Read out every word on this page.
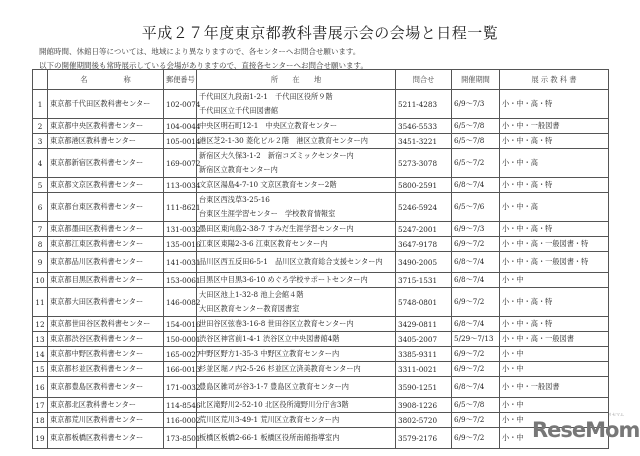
平成２７年度東京都教科書展示会の会場と日程一覧
開館時間、休館日等については、地域により異なりますので、各センターへお問合せ願います。
以下の開催期間後も常時展示している会場がありますので、直接各センターへお問合せ願います。
	名　　　　　称	郵便番号	所　　在　　地	問合せ	開催期間	展 示 教 科 書
1	東京都千代田区教科書センター	102-0074	千代田区九段南1-2-1　千代田区役所９階
千代田区立千代田図書館	5211-4283	6/9～7/3	小・中・高・特
2	東京都中央区教科書センター	104-0044	中央区明石町12-1　中央区立教育センター	3546-5533	6/5～7/8	小・中・一般図書
3	東京都港区教科書センター	105-0014	港区芝2-1-30 菱化ビル２階　港区立教育センター内	3451-3221	6/5～7/8	小・中・高・特
4	東京都新宿区教科書センター	169-0072	新宿区大久保3-1-2　新宿コズミックセンター内
新宿区立教育センター内	5273-3078	6/5～7/2	小・中・高
5	東京都文京区教科書センター	113-0034	文京区湯島4-7-10 文京区教育センター2階	5800-2591	6/8～7/4	小・中・高・特
6	東京都台東区教科書センター	111-8621	台東区西浅草3-25-16
台東区生涯学習センター　学校教育情報室	5246-5924	6/5～7/6	小・中・高
7	東京都墨田区教科書センター	131-0032	墨田区東向島2-38-7 すみだ生涯学習センター内	5247-2001	6/9～7/3	小・中・高・特
8	東京都江東区教科書センター	135-0016	江東区東陽2-3-6 江東区教育センター内	3647-9178	6/9～7/2	小・中・高・一般図書・特
9	東京都品川区教科書センター	141-0031	品川区西五反田6-5-1　品川区立教育総合支援センター内	3490-2005	6/8～7/4	小・中・高・一般図書・特
10	東京都目黒区教科書センター	153-0061	目黒区中目黒3-6-10 めぐろ学校サポートセンター内	3715-1531	6/8～7/4	小・中
11	東京都大田区教科書センター	146-0082	大田区池上1-32-8 池上会館４階
大田区教育センター教育図書室	5748-0801	6/9～7/2	小・中・高・特
12	東京都世田谷区教科書センター	154-0016	世田谷区弦巻3-16-8 世田谷区立教育センター内	3429-0811	6/8～7/4	小・中・高・特
13	東京都渋谷区教科書センター	150-0001	渋谷区神宮前1-4-1 渋谷区立中央図書館4階	3405-2007	5/29～7/13	小・中・高・一般図書
14	東京都中野区教科書センター	165-0027	中野区野方1-35-3 中野区立教育センター内	3385-9311	6/9～7/2	小・中
15	東京都杉並区教科書センター	166-0013	杉並区堀ノ内2-5-26 杉並区立済美教育センター内	3311-0021	6/9～7/2	小・中
16	東京都豊島区教科書センター	171-0032	豊島区雑司が谷3-1-7 豊島区立教育センター内	3590-1251	6/8～7/4	小・中・一般図書
17	東京都北区教科書センター	114-8546	北区滝野川2-52-10 北区役所滝野川分庁舎3階	3908-1226	6/5～7/8	小・中
18	東京都荒川区教科書センター	116-0002	荒川区荒川3-49-1 荒川区立教育センター内	3802-5720	6/9～7/2	小・中
19	東京都板橋区教科書センター	173-8501	板橋区板橋2-66-1 板橋区役所南館指導室内	3579-2176	6/9～7/2	小・中 ReseMom
リセマム
